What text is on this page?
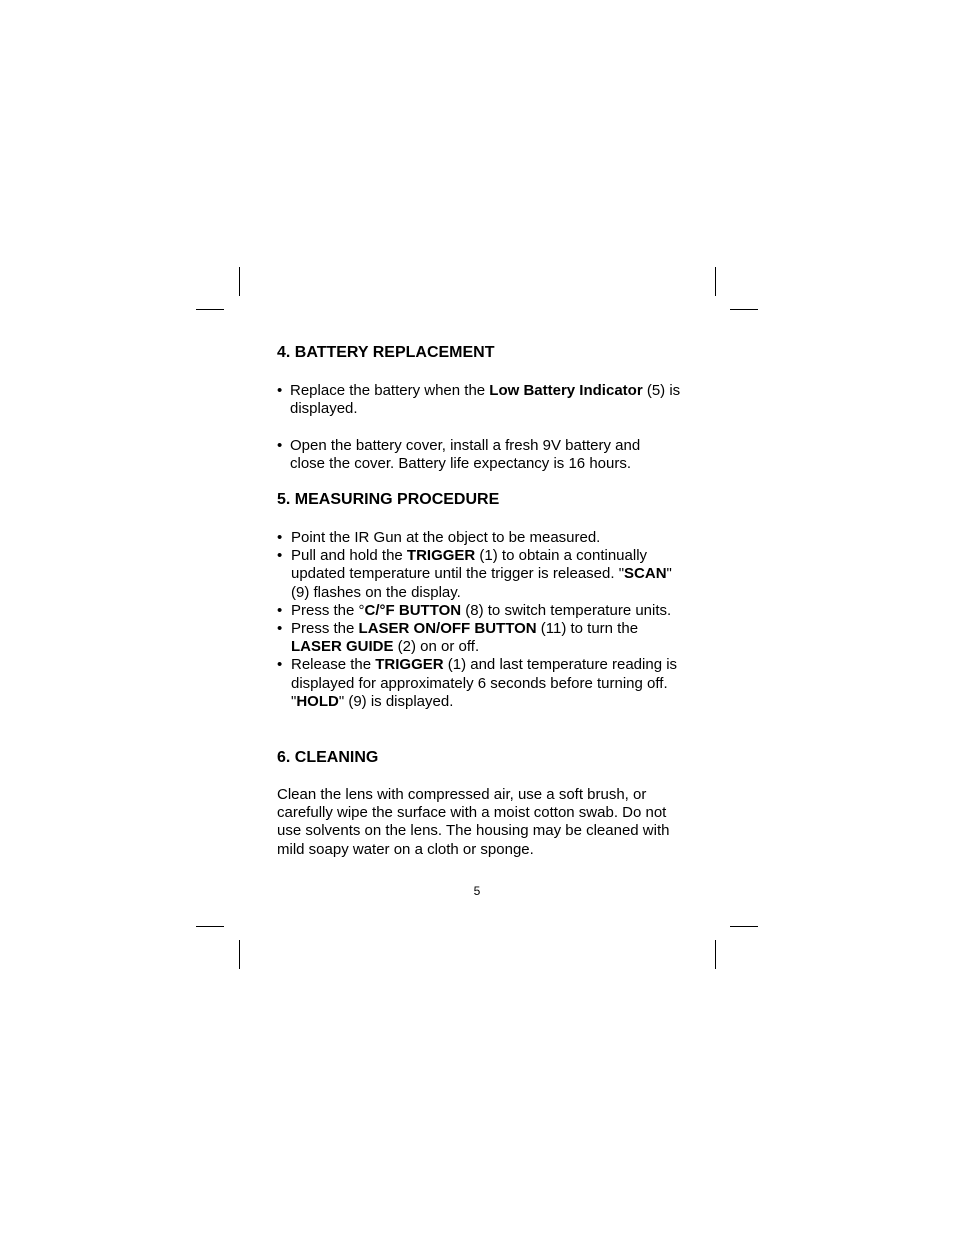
4. BATTERY REPLACEMENT
• Replace the battery when the Low Battery Indicator (5) is displayed.
• Open the battery cover, install a fresh 9V battery and close the cover. Battery life expectancy is 16 hours.
5. MEASURING PROCEDURE
• Point the IR Gun at the object to be measured.
• Pull and hold the TRIGGER (1) to obtain a continually updated temperature until the trigger is released. "SCAN" (9) flashes on the display.
• Press the °C/°F BUTTON (8) to switch temperature units.
• Press the LASER ON/OFF BUTTON (11) to turn the LASER GUIDE (2) on or off.
• Release the TRIGGER (1) and last temperature reading is displayed for approximately 6 seconds before turning off. "HOLD" (9) is displayed.
6. CLEANING
Clean the lens with compressed air, use a soft brush, or carefully wipe the surface with a moist cotton swab. Do not use solvents on the lens. The housing may be cleaned with mild soapy water on a cloth or sponge.
5
